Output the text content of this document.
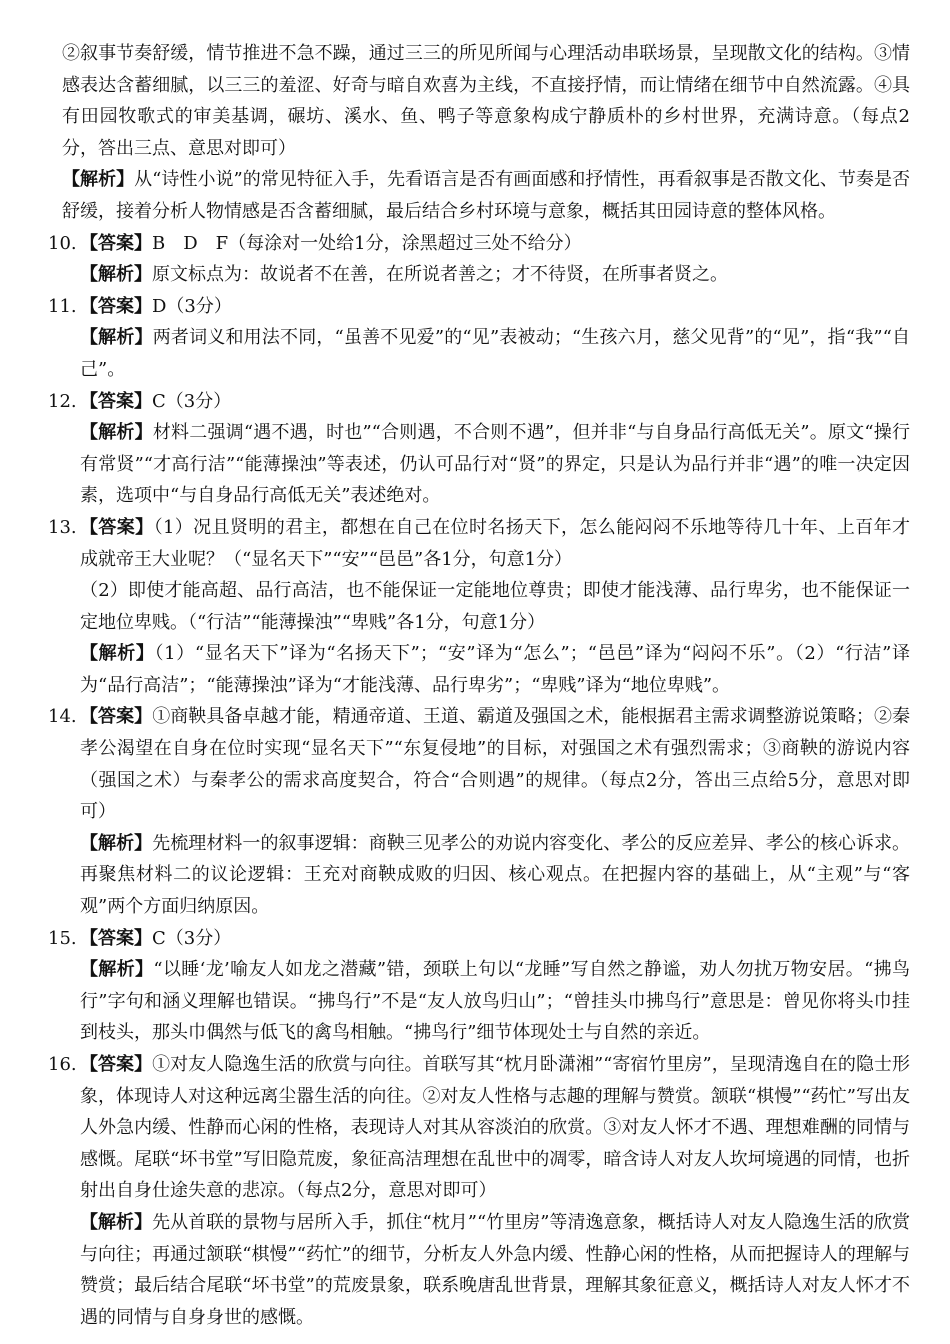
②叙事节奏舒缓，情节推进不急不躁，通过三三的所见所闻与心理活动串联场景，呈现散文化的结构。③情感表达含蓄细腻，以三三的羞涩、好奇与暗自欢喜为主线，不直接抒情，而让情绪在细节中自然流露。④具有田园牧歌式的审美基调，碾坊、溪水、鱼、鸭子等意象构成宁静质朴的乡村世界，充满诗意。（每点2分，答出三点、意思对即可）

【解析】从“诗性小说”的常见特征入手，先看语言是否有画面感和抒情性，再看叙事是否散文化、节奏是否舒缓，接着分析人物情感是否含蓄细腻，最后结合乡村环境与意象，概括其田园诗意的整体风格。

10. 【答案】B　D　F（每涂对一处给1分，涂黑超过三处不给分）

【解析】原文标点为：故说者不在善，在所说者善之；才不待贤，在所事者贤之。

11. 【答案】D（3分）

【解析】两者词义和用法不同，“虽善不见爱”的“见”表被动；“生孩六月，慈父见背”的“见”，指“我”“自己”。

12. 【答案】C（3分）

【解析】材料二强调“遇不遇，时也”“合则遇，不合则不遇”，但并非“与自身品行高低无关”。原文“操行有常贤”“才高行洁”“能薄操浊”等表述，仍认可品行对“贤”的界定，只是认为品行并非“遇”的唯一决定因素，选项中“与自身品行高低无关”表述绝对。

13. 【答案】（1）况且贤明的君主，都想在自己在位时名扬天下，怎么能闷闷不乐地等待几十年、上百年才成就帝王大业呢？（“显名天下”“安”“邑邑”各1分，句意1分）

（2）即使才能高超、品行高洁，也不能保证一定能地位尊贵；即使才能浅薄、品行卑劣，也不能保证一定地位卑贱。（“行洁”“能薄操浊”“卑贱”各1分，句意1分）

【解析】（1）“显名天下”译为“名扬天下”；“安”译为“怎么”；“邑邑”译为“闷闷不乐”。（2）“行洁”译为“品行高洁”；“能薄操浊”译为“才能浅薄、品行卑劣”；“卑贱”译为“地位卑贱”。

14. 【答案】①商鞅具备卓越才能，精通帝道、王道、霸道及强国之术，能根据君主需求调整游说策略；②秦孝公渴望在自身在位时实现“显名天下”“东复侵地”的目标，对强国之术有强烈需求；③商鞅的游说内容（强国之术）与秦孝公的需求高度契合，符合“合则遇”的规律。（每点2分，答出三点给5分，意思对即可）

【解析】先梳理材料一的叙事逻辑：商鞅三见孝公的劝说内容变化、孝公的反应差异、孝公的核心诉求。再聚焦材料二的议论逻辑：王充对商鞅成败的归因、核心观点。在把握内容的基础上，从“主观”与“客观”两个方面归纳原因。

15. 【答案】C（3分）

【解析】“以睡‘龙’喻友人如龙之潜藏”错，颈联上句以“龙睡”写自然之静谧，劝人勿扰万物安居。“拂鸟行”字句和涵义理解也错误。“拂鸟行”不是“友人放鸟归山”；“曾挂头巾拂鸟行”意思是：曾见你将头巾挂到枝头，那头巾偶然与低飞的禽鸟相触。“拂鸟行”细节体现处士与自然的亲近。

16. 【答案】①对友人隐逸生活的欣赏与向往。首联写其“枕月卧潇湘”“寄宿竹里房”，呈现清逸自在的隐士形象，体现诗人对这种远离尘嚣生活的向往。②对友人性格与志趣的理解与赞赏。颔联“棋慢”“药忙”写出友人外急内缓、性静而心闲的性格，表现诗人对其从容淡泊的欣赏。③对友人怀才不遇、理想难酬的同情与感慨。尾联“坏书堂”写旧隐荒废，象征高洁理想在乱世中的凋零，暗含诗人对友人坎坷境遇的同情，也折射出自身仕途失意的悲凉。（每点2分，意思对即可）

【解析】先从首联的景物与居所入手，抓住“枕月”“竹里房”等清逸意象，概括诗人对友人隐逸生活的欣赏与向往；再通过颔联“棋慢”“药忙”的细节，分析友人外急内缓、性静心闲的性格，从而把握诗人的理解与赞赏；最后结合尾联“坏书堂”的荒废景象，联系晚唐乱世背景，理解其象征意义，概括诗人对友人怀才不遇的同情与自身身世的感慨。
